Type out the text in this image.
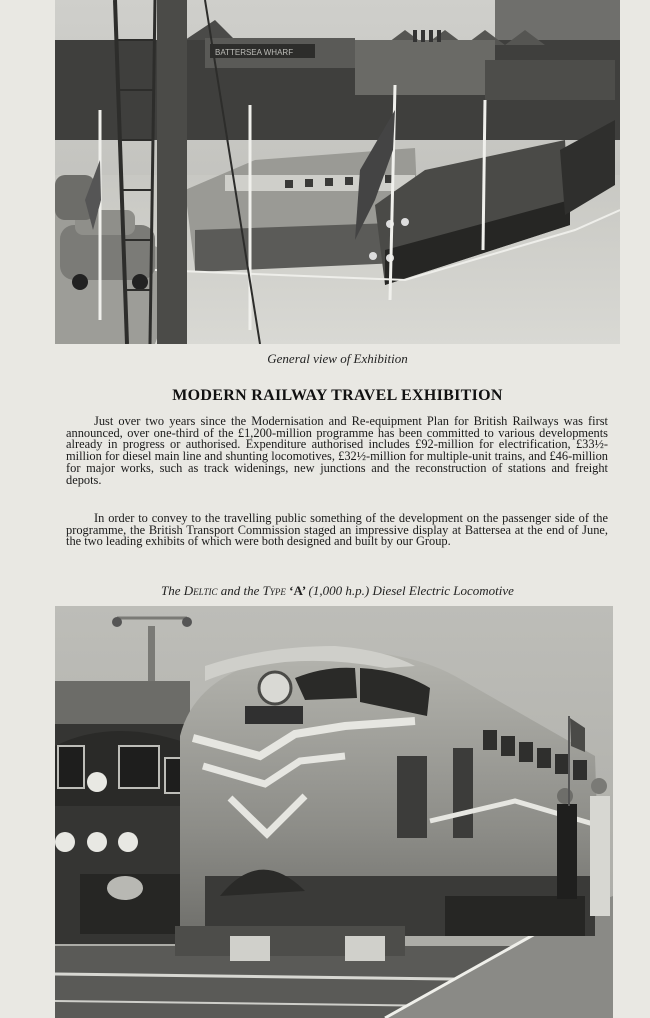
BATTERSEA WHARF
General view of Exhibition
MODERN RAILWAY TRAVEL EXHIBITION

Just over two years since the Modernisation and Re-equipment Plan for British Railways was first announced, over one-third of the £1,200-million programme has been committed to various developments already in progress or authorised. Expenditure authorised includes £92-million for electrification, £33½-million for diesel main line and shunting locomotives, £32½-million for multiple-unit trains, and £46-million for major works, such as track widenings, new junctions and the reconstruction of stations and freight depots.

In order to convey to the travelling public something of the development on the passenger side of the programme, the British Transport Commission staged an impressive display at Battersea at the end of June, the two leading exhibits of which were both designed and built by our Group.

The Deltic and the Type ‘A’ (1,000 h.p.) Diesel Electric Locomotive
